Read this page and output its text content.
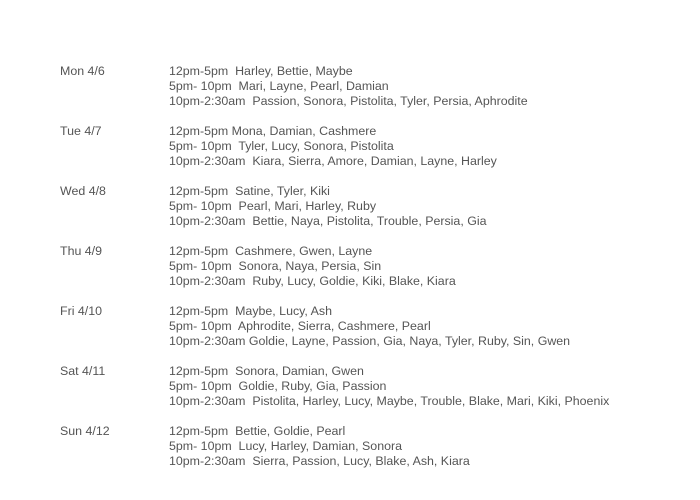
Mon 4/6	12pm-5pm  Harley, Bettie, Maybe
5pm- 10pm  Mari, Layne, Pearl, Damian
10pm-2:30am  Passion, Sonora, Pistolita, Tyler, Persia, Aphrodite
Tue 4/7	12pm-5pm Mona, Damian, Cashmere
5pm- 10pm  Tyler, Lucy, Sonora, Pistolita
10pm-2:30am  Kiara, Sierra, Amore, Damian, Layne, Harley
Wed 4/8	12pm-5pm  Satine, Tyler, Kiki
5pm- 10pm  Pearl, Mari, Harley, Ruby
10pm-2:30am  Bettie, Naya, Pistolita, Trouble, Persia, Gia
Thu 4/9	12pm-5pm  Cashmere, Gwen, Layne
5pm- 10pm  Sonora, Naya, Persia, Sin
10pm-2:30am  Ruby, Lucy, Goldie, Kiki, Blake, Kiara
Fri 4/10	12pm-5pm  Maybe, Lucy, Ash
5pm- 10pm  Aphrodite, Sierra, Cashmere, Pearl
10pm-2:30am Goldie, Layne, Passion, Gia, Naya, Tyler, Ruby, Sin, Gwen
Sat 4/11	12pm-5pm  Sonora, Damian, Gwen
5pm- 10pm  Goldie, Ruby, Gia, Passion
10pm-2:30am  Pistolita, Harley, Lucy, Maybe, Trouble, Blake, Mari, Kiki, Phoenix
Sun 4/12	12pm-5pm  Bettie, Goldie, Pearl
5pm- 10pm  Lucy, Harley, Damian, Sonora
10pm-2:30am  Sierra, Passion, Lucy, Blake, Ash, Kiara
